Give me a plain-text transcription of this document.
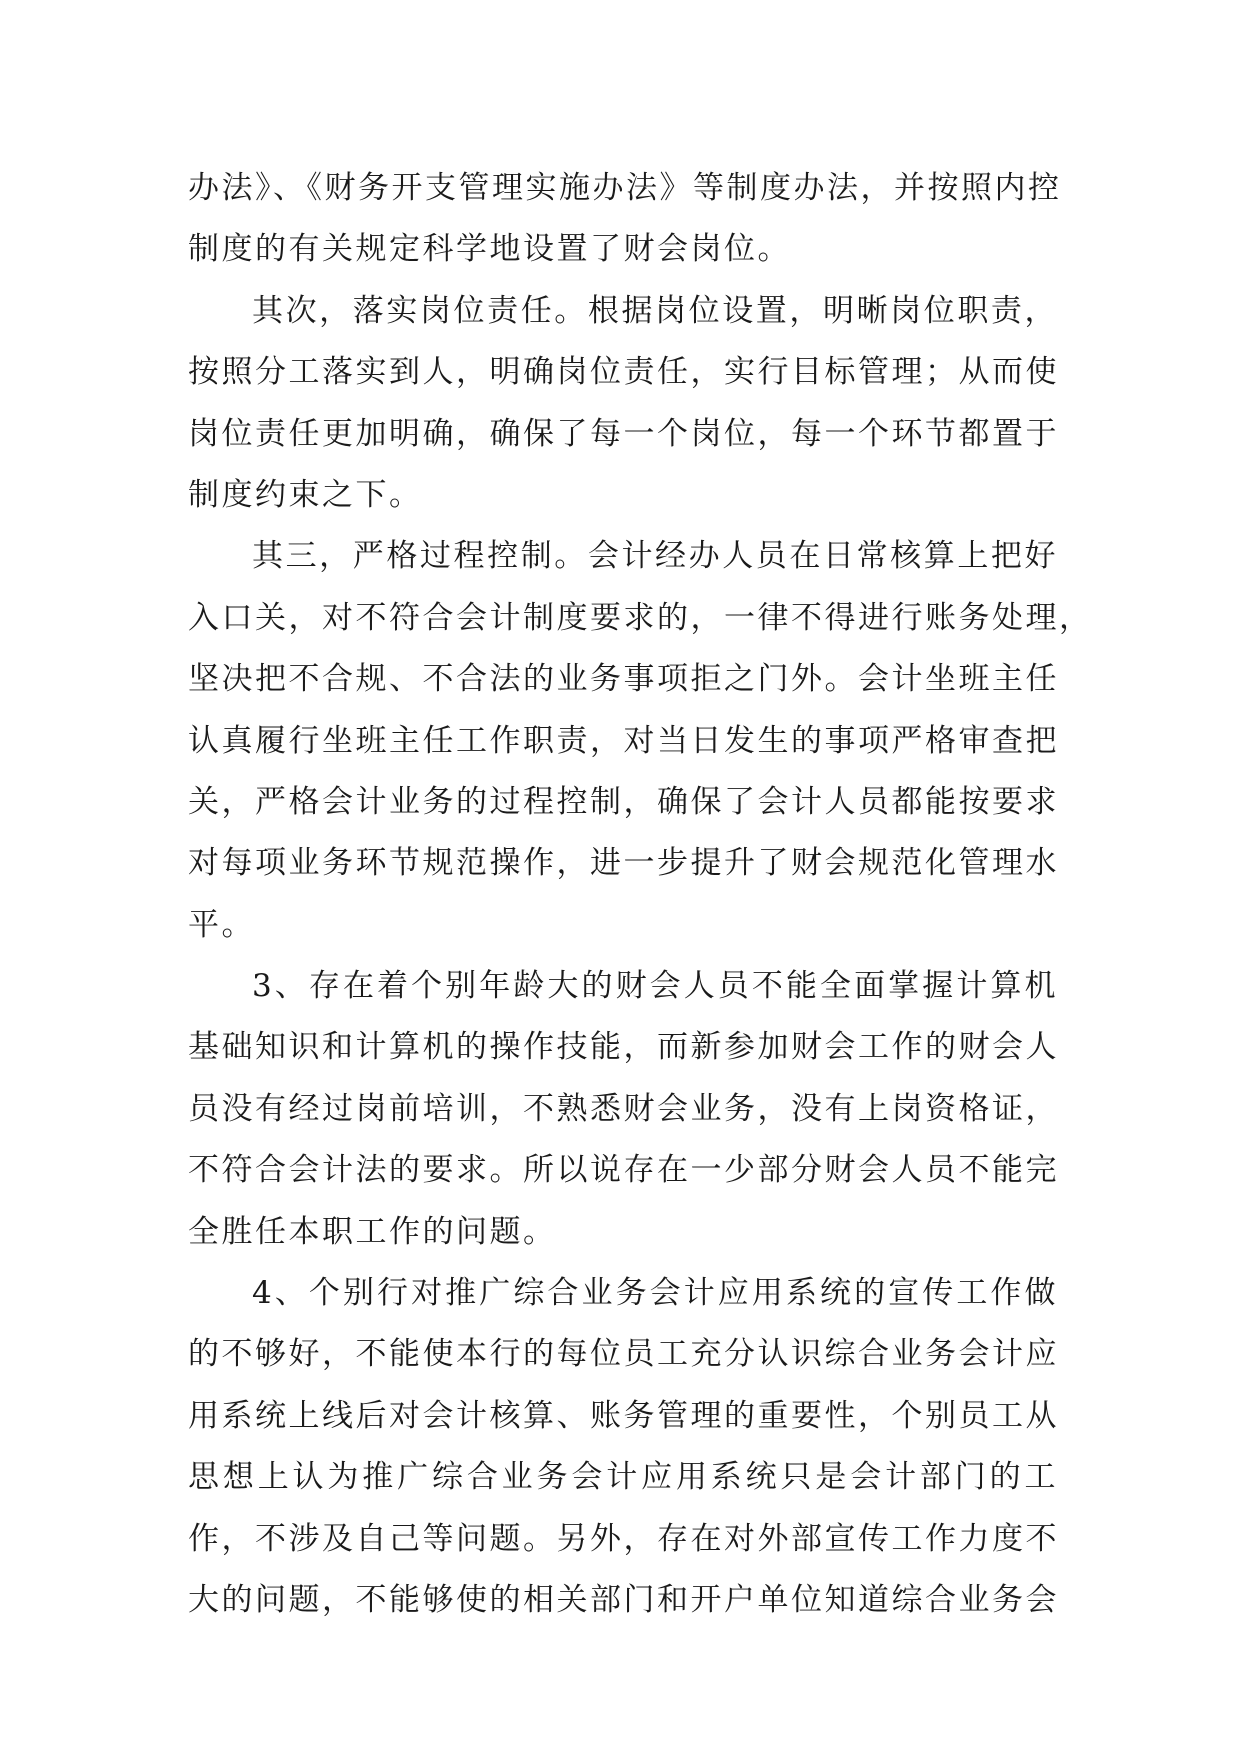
办法》、《财务开支管理实施办法》等制度办法，并按照内控
制度的有关规定科学地设置了财会岗位。
其次，落实岗位责任。根据岗位设置，明晰岗位职责，
按照分工落实到人，明确岗位责任，实行目标管理；从而使
岗位责任更加明确，确保了每一个岗位，每一个环节都置于
制度约束之下。
其三，严格过程控制。会计经办人员在日常核算上把好
入口关，对不符合会计制度要求的，一律不得进行账务处理，
坚决把不合规、不合法的业务事项拒之门外。会计坐班主任
认真履行坐班主任工作职责，对当日发生的事项严格审查把
关，严格会计业务的过程控制，确保了会计人员都能按要求
对每项业务环节规范操作，进一步提升了财会规范化管理水
平。
3、存在着个别年龄大的财会人员不能全面掌握计算机
基础知识和计算机的操作技能，而新参加财会工作的财会人
员没有经过岗前培训，不熟悉财会业务，没有上岗资格证，
不符合会计法的要求。所以说存在一少部分财会人员不能完
全胜任本职工作的问题。
4、个别行对推广综合业务会计应用系统的宣传工作做
的不够好，不能使本行的每位员工充分认识综合业务会计应
用系统上线后对会计核算、账务管理的重要性，个别员工从
思想上认为推广综合业务会计应用系统只是会计部门的工
作，不涉及自己等问题。另外，存在对外部宣传工作力度不
大的问题，不能够使的相关部门和开户单位知道综合业务会
